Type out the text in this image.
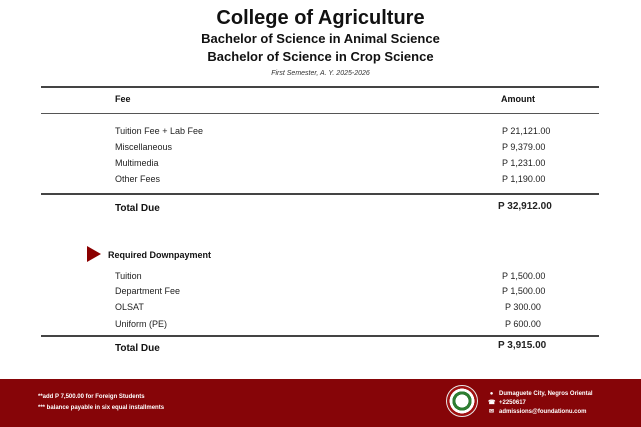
College of Agriculture
Bachelor of Science in Animal Science
Bachelor of Science in Crop Science
First Semester, A. Y. 2025-2026
Fee	Amount
Tuition Fee + Lab Fee	P 21,121.00
Miscellaneous	P 9,379.00
Multimedia	P 1,231.00
Other Fees	P 1,190.00
Total Due	P 32,912.00
Required Downpayment
Tuition	P 1,500.00
Department Fee	P 1,500.00
OLSAT	P 300.00
Uniform (PE)	P 600.00
Total Due	P 3,915.00
**add P 7,500.00 for Foreign Students
*** balance payable in six equal installments
● Dumaguete City, Negros Oriental
☎ +2250617
✉ admissions@foundationu.com
